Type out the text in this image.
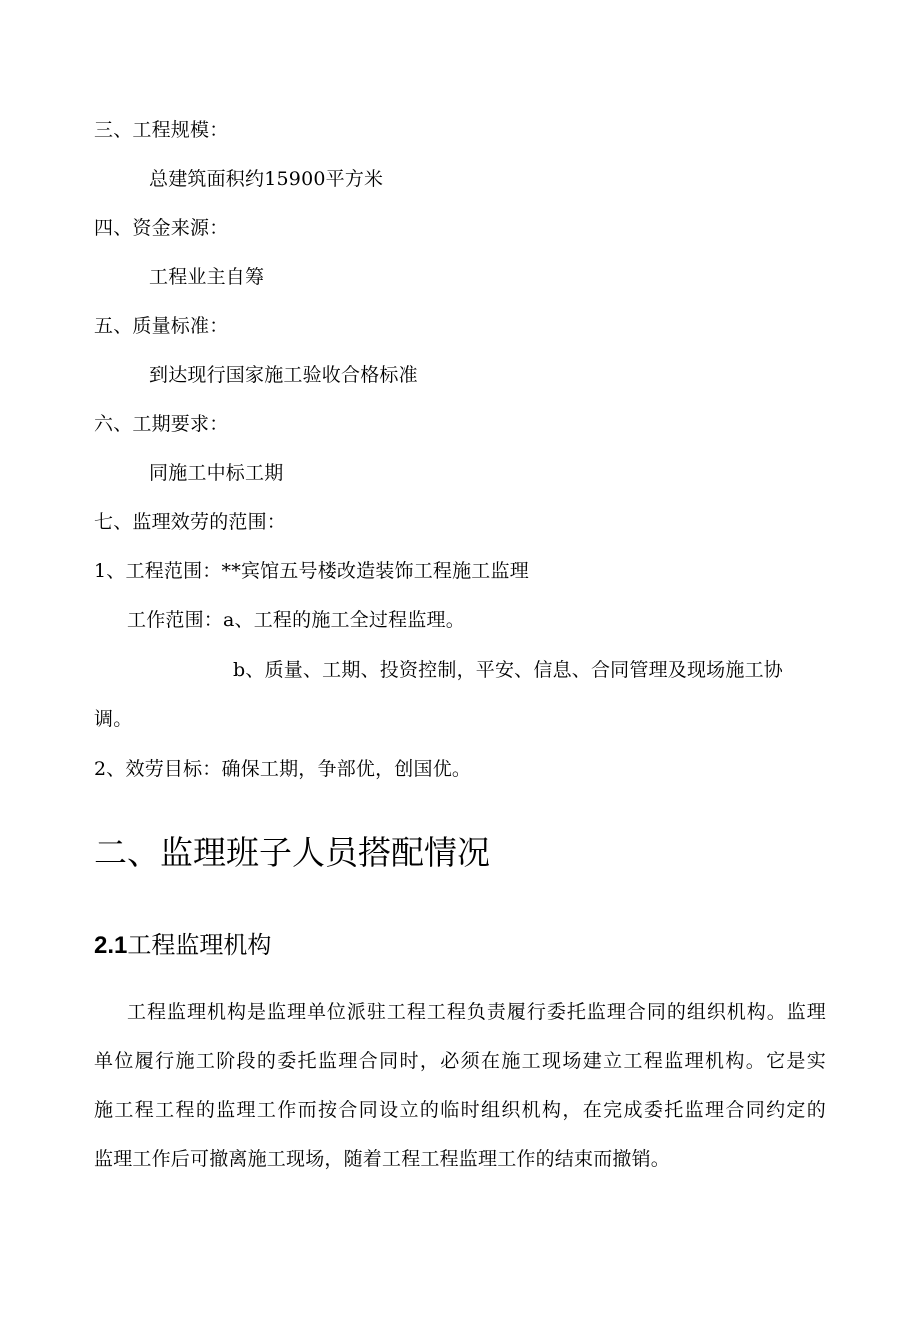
三、工程规模：
总建筑面积约15900平方米
四、资金来源：
工程业主自筹
五、质量标准：
到达现行国家施工验收合格标准
六、工期要求：
同施工中标工期
七、监理效劳的范围：
1、工程范围：**宾馆五号楼改造装饰工程施工监理
工作范围：a、工程的施工全过程监理。
b、质量、工期、投资控制，平安、信息、合同管理及现场施工协
调。
2、效劳目标：确保工期，争部优，创国优。
二、监理班子人员搭配情况
2.1工程监理机构
工程监理机构是监理单位派驻工程工程负责履行委托监理合同的组织机构。监理
单位履行施工阶段的委托监理合同时，必须在施工现场建立工程监理机构。它是实
施工程工程的监理工作而按合同设立的临时组织机构，在完成委托监理合同约定的
监理工作后可撤离施工现场，随着工程工程监理工作的结束而撤销。
